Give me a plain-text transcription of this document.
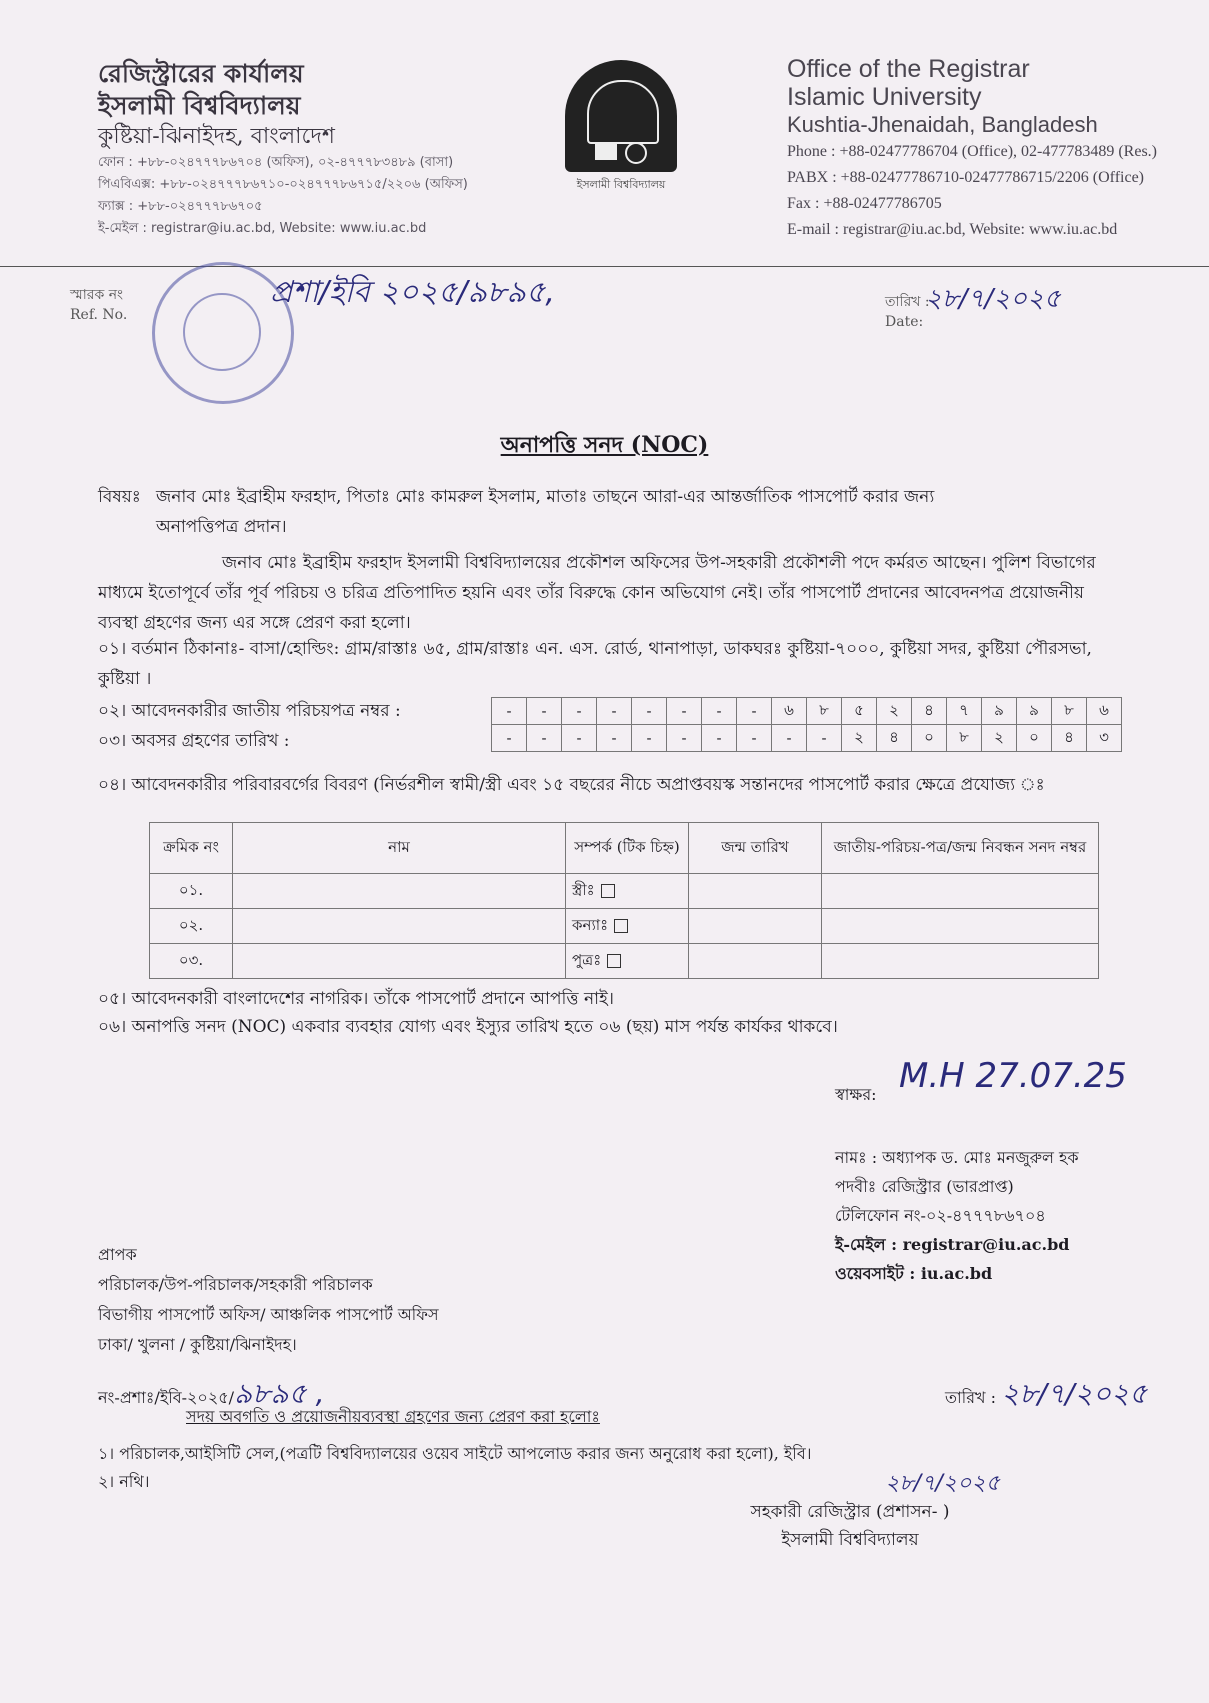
রেজিস্ট্রারের কার্যালয়
ইসলামী বিশ্ববিদ্যালয়
কুষ্টিয়া-ঝিনাইদহ, বাংলাদেশ
ফোন : +৮৮-০২৪৭৭৭৮৬৭০৪ (অফিস), ০২-৪৭৭৭৮৩৪৮৯ (বাসা)
পিএবিএক্স: +৮৮-০২৪৭৭৭৮৬৭১০-০২৪৭৭৭৮৬৭১৫/২২০৬ (অফিস)
ফ্যাক্স : +৮৮-০২৪৭৭৭৮৬৭০৫
ই-মেইল : registrar@iu.ac.bd, Website: www.iu.ac.bd
ইসলামী বিশ্ববিদ্যালয়
Office of the Registrar
Islamic University
Kushtia-Jhenaidah, Bangladesh
Phone : +88-02477786704 (Office), 02-477783489 (Res.)
PABX : +88-02477786710-02477786715/2206 (Office)
Fax : +88-02477786705
E-mail : registrar@iu.ac.bd, Website: www.iu.ac.bd
স্মারক নং
Ref. No.
প্রশা/ইবি ২০২৫/৯৮৯৫,	তারিখ :
Date:
২৮/৭/২০২৫
অনাপত্তি সনদ (NOC)
বিষয়ঃ জনাব মোঃ ইব্রাহীম ফরহাদ, পিতাঃ মোঃ কামরুল ইসলাম, মাতাঃ তাছনে আরা-এর আন্তর্জাতিক পাসপোর্ট করার জন্য
অনাপত্তিপত্র প্রদান।
জনাব মোঃ ইব্রাহীম ফরহাদ ইসলামী বিশ্ববিদ্যালয়ের প্রকৌশল অফিসের উপ-সহকারী প্রকৌশলী পদে কর্মরত আছেন। পুলিশ বিভাগের মাধ্যমে ইতোপূর্বে তাঁর পূর্ব পরিচয় ও চরিত্র প্রতিপাদিত হয়নি এবং তাঁর বিরুদ্ধে কোন অভিযোগ নেই। তাঁর পাসপোর্ট প্রদানের আবেদনপত্র প্রয়োজনীয় ব্যবস্থা গ্রহণের জন্য এর সঙ্গে প্রেরণ করা হলো।
০১। বর্তমান ঠিকানাঃ- বাসা/হোল্ডিং: গ্রাম/রাস্তাঃ ৬৫, গ্রাম/রাস্তাঃ এন. এস. রোর্ড, থানাপাড়া, ডাকঘরঃ কুষ্টিয়া-৭০০০, কুষ্টিয়া সদর, কুষ্টিয়া পৌরসভা, কুষ্টিয়া ।
০২। আবেদনকারীর জাতীয় পরিচয়পত্র নম্বর :
০৩। অবসর গ্রহণের তারিখ :
-	-	-	-	-	-	-	-	৬	৮	৫	২	৪	৭	৯	৯	৮	৬
-	-	-	-	-	-	-	-	-	-	২	৪	০	৮	২	০	৪	৩
০৪। আবেদনকারীর পরিবারবর্গের বিবরণ (নির্ভরশীল স্বামী/স্ত্রী এবং ১৫ বছরের নীচে অপ্রাপ্তবয়স্ক সন্তানদের পাসপোর্ট করার ক্ষেত্রে প্রযোজ্য ঃ
ক্রমিক নং	নাম	সম্পর্ক (টিক চিহ্ন)	জন্ম তারিখ	জাতীয়-পরিচয়-পত্র/জন্ম নিবন্ধন সনদ নম্বর
০১.		স্ত্রীঃ		
০২.		কন্যাঃ		
০৩.		পুত্রঃ		
০৫। আবেদনকারী বাংলাদেশের নাগরিক। তাঁকে পাসপোর্ট প্রদানে আপত্তি নাই।
০৬। অনাপত্তি সনদ (NOC) একবার ব্যবহার যোগ্য এবং ইস্যুর তারিখ হতে ০৬ (ছয়) মাস পর্যন্ত কার্যকর থাকবে।
স্বাক্ষর: M.H 27.07.25
নামঃ : অধ্যাপক ড. মোঃ মনজুরুল হক
পদবীঃ রেজিস্ট্রার (ভারপ্রাপ্ত)
টেলিফোন নং-০২-৪৭৭৭৮৬৭০৪
ই-মেইল : registrar@iu.ac.bd
ওয়েবসাইট : iu.ac.bd
প্রাপক
পরিচালক/উপ-পরিচালক/সহকারী পরিচালক
বিভাগীয় পাসপোর্ট অফিস/ আঞ্চলিক পাসপোর্ট অফিস
ঢাকা/ খুলনা / কুষ্টিয়া/ঝিনাইদহ।
নং-প্রশাঃ/ইবি-২০২৫/৯৮৯৫ ,	তারিখ : ২৮/৭/২০২৫
সদয় অবগতি ও প্রয়োজনীয়ব্যবস্থা গ্রহণের জন্য প্রেরণ করা হলোঃ
১। পরিচালক,আইসিটি সেল,(পত্রটি বিশ্ববিদ্যালয়ের ওয়েব সাইটে আপলোড করার জন্য অনুরোধ করা হলো), ইবি।
২। নথি।	২৮/৭/২০২৫
সহকারী রেজিস্ট্রার (প্রশাসন- )
ইসলামী বিশ্ববিদ্যালয়
